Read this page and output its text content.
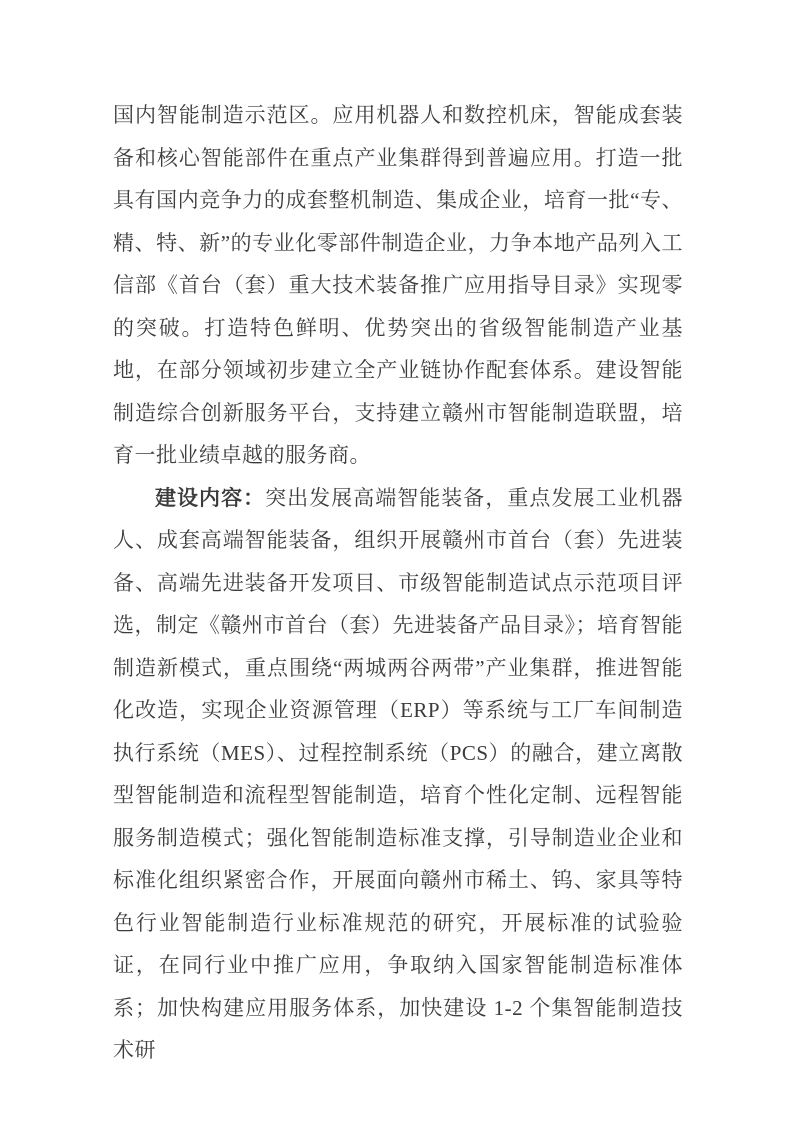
国内智能制造示范区。应用机器人和数控机床，智能成套装备和核心智能部件在重点产业集群得到普遍应用。打造一批具有国内竞争力的成套整机制造、集成企业，培育一批“专、精、特、新”的专业化零部件制造企业，力争本地产品列入工信部《首台（套）重大技术装备推广应用指导目录》实现零的突破。打造特色鲜明、优势突出的省级智能制造产业基地，在部分领域初步建立全产业链协作配套体系。建设智能制造综合创新服务平台，支持建立赣州市智能制造联盟，培育一批业绩卓越的服务商。

建设内容：突出发展高端智能装备，重点发展工业机器人、成套高端智能装备，组织开展赣州市首台（套）先进装备、高端先进装备开发项目、市级智能制造试点示范项目评选，制定《赣州市首台（套）先进装备产品目录》；培育智能制造新模式，重点围绕“两城两谷两带”产业集群，推进智能化改造，实现企业资源管理（ERP）等系统与工厂车间制造执行系统（MES）、过程控制系统（PCS）的融合，建立离散型智能制造和流程型智能制造，培育个性化定制、远程智能服务制造模式；强化智能制造标准支撑，引导制造业企业和标准化组织紧密合作，开展面向赣州市稀土、钨、家具等特色行业智能制造行业标准规范的研究，开展标准的试验验证，在同行业中推广应用，争取纳入国家智能制造标准体系；加快构建应用服务体系，加快建设 1-2 个集智能制造技术研
